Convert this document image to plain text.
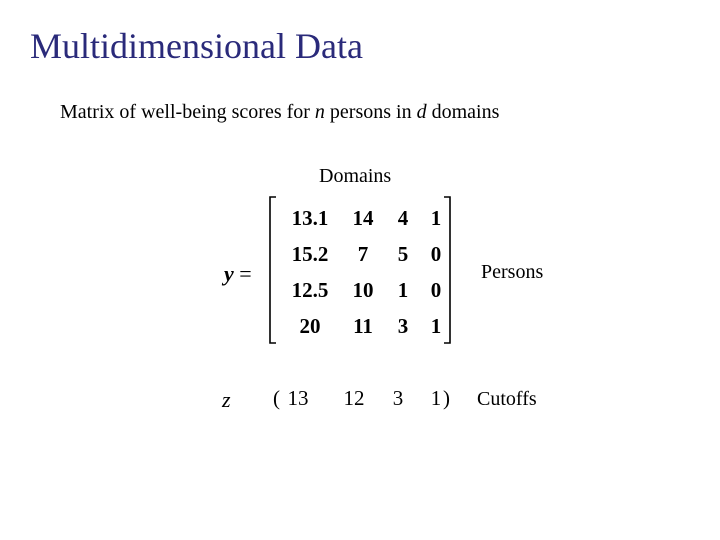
Multidimensional Data
Matrix of well-being scores for n persons in d domains
Domains
Persons
Cutoffs
y =
13.1 14 4 1
15.2 7 5 0
12.5 10 1 0
20 11 3 1
z ( 13 12 3 1 )
